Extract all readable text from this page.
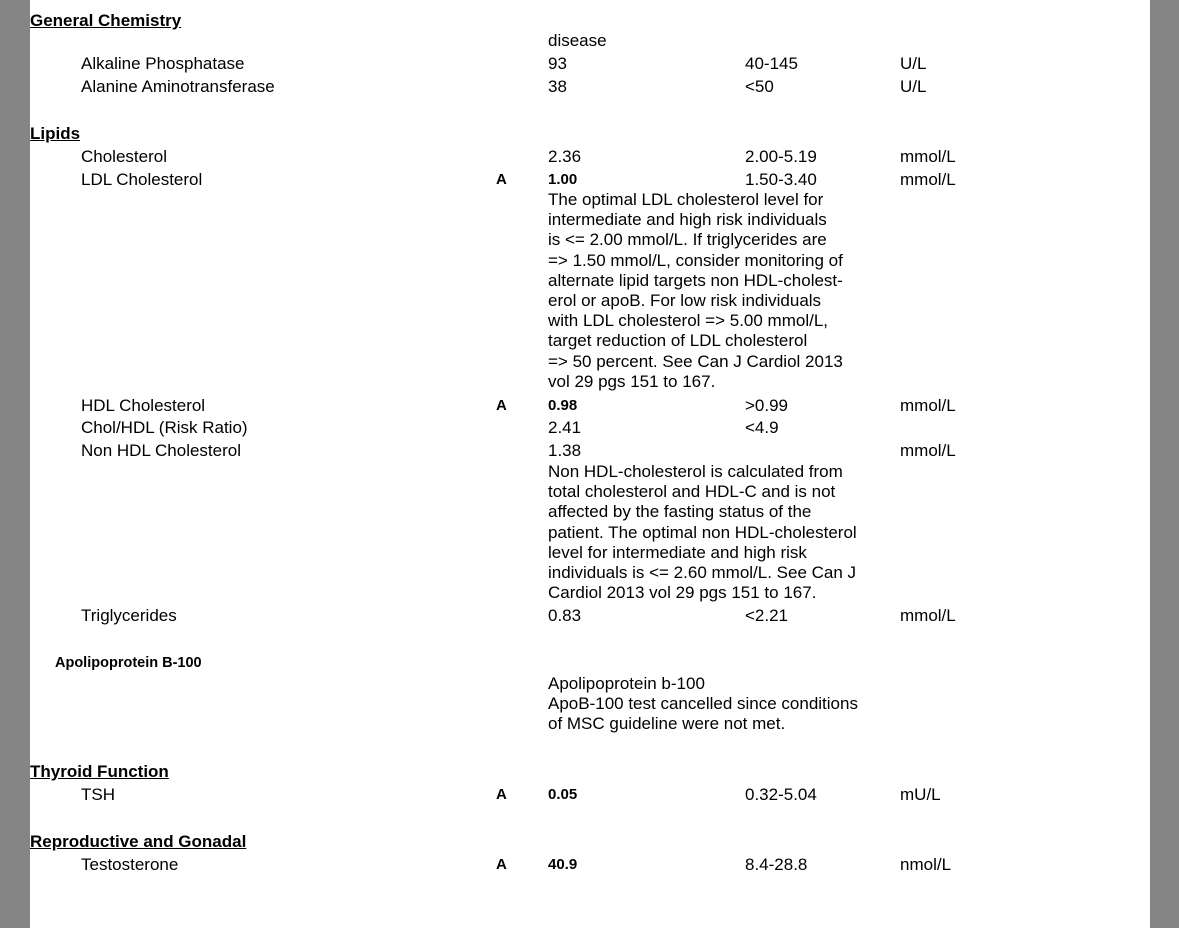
General Chemistry
disease
Alkaline Phosphatase	93	40-145	U/L
Alanine Aminotransferase	38	<50	U/L
Lipids
Cholesterol	2.36	2.00-5.19	mmol/L
LDL Cholesterol	A	1.00	1.50-3.40	mmol/L
The optimal LDL cholesterol level for
intermediate and high risk individuals
is <= 2.00 mmol/L. If triglycerides are
=> 1.50 mmol/L, consider monitoring of
alternate lipid targets non HDL-cholest-
erol or apoB. For low risk individuals
with LDL cholesterol => 5.00 mmol/L,
target reduction of LDL cholesterol
=> 50 percent. See Can J Cardiol 2013
vol 29 pgs 151 to 167.
HDL Cholesterol	A	0.98	>0.99	mmol/L
Chol/HDL (Risk Ratio)	2.41	<4.9
Non HDL Cholesterol	1.38	mmol/L
Non HDL-cholesterol is calculated from
total cholesterol and HDL-C and is not
affected by the fasting status of the
patient. The optimal non HDL-cholesterol
level for intermediate and high risk
individuals is <= 2.60 mmol/L. See Can J
Cardiol 2013 vol 29 pgs 151 to 167.
Triglycerides	0.83	<2.21	mmol/L
Apolipoprotein B-100
Apolipoprotein b-100
ApoB-100 test cancelled since conditions
of MSC guideline were not met.
Thyroid Function
TSH	A	0.05	0.32-5.04	mU/L
Reproductive and Gonadal
Testosterone	A	40.9	8.4-28.8	nmol/L
